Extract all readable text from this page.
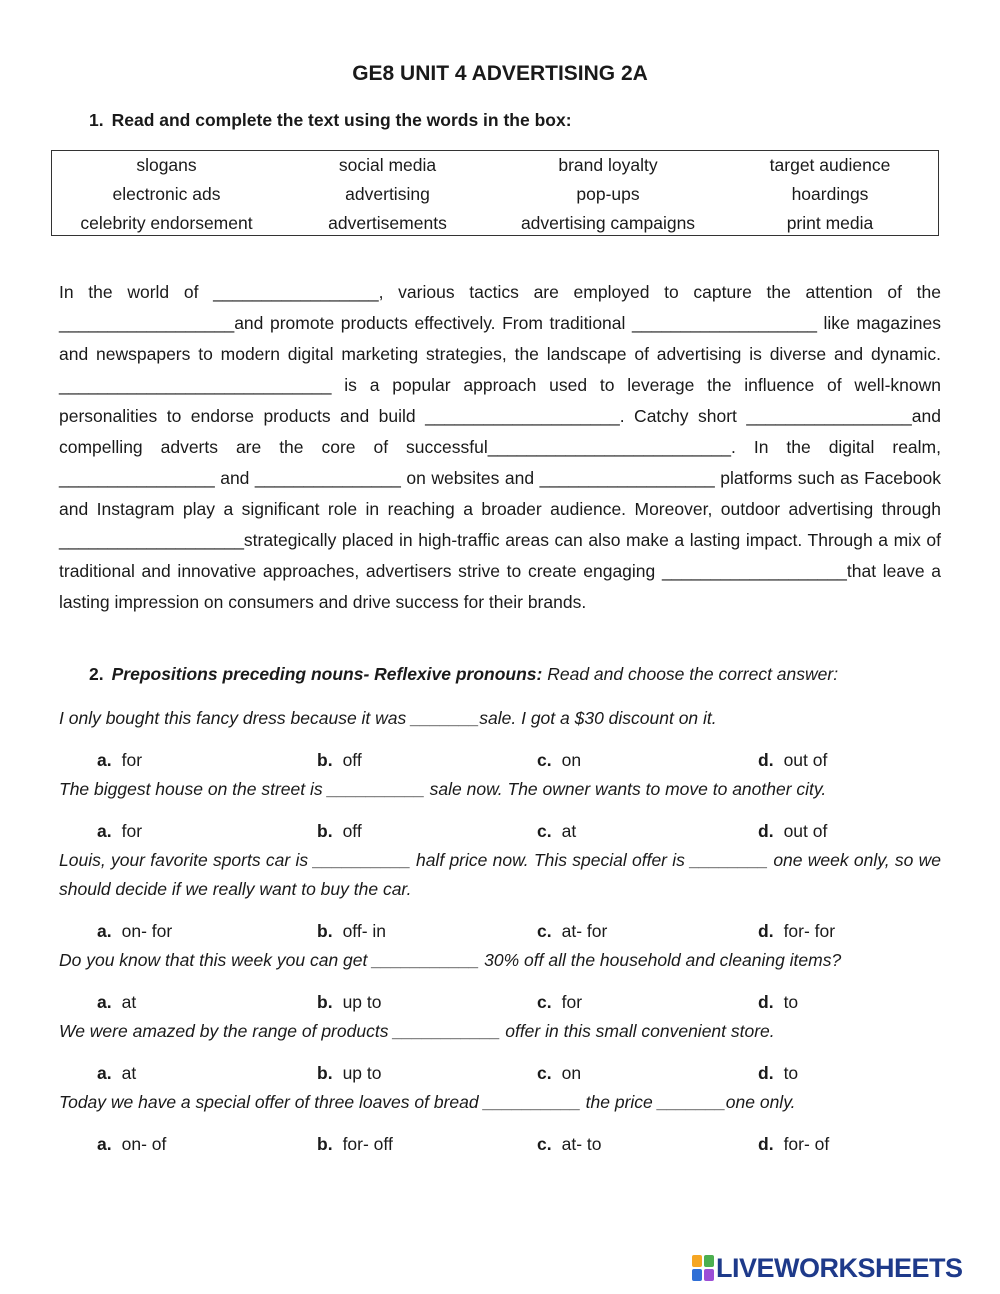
GE8 UNIT 4 ADVERTISING 2A

1. Read and complete the text using the words in the box:

slogans	social media	brand loyalty	target audience
electronic ads	advertising	pop-ups	hoardings
celebrity endorsement	advertisements	advertising campaigns	print media

In the world of _________________, various tactics are employed to capture the attention of the __________________and promote products effectively. From traditional ___________________ like magazines and newspapers to modern digital marketing strategies, the landscape of advertising is diverse and dynamic. ____________________________ is a popular approach used to leverage the influence of well-known personalities to endorse products and build ____________________. Catchy short _________________and compelling adverts are the core of successful_________________________. In the digital realm, ________________ and _______________ on websites and __________________ platforms such as Facebook and Instagram play a significant role in reaching a broader audience. Moreover, outdoor advertising through ___________________strategically placed in high-traffic areas can also make a lasting impact. Through a mix of traditional and innovative approaches, advertisers strive to create engaging ___________________that leave a lasting impression on consumers and drive success for their brands.

2. Prepositions preceding nouns- Reflexive pronouns: Read and choose the correct answer:

I only bought this fancy dress because it was _______sale. I got a $30 discount on it.

a. for	b. off	c. on	d. out of

The biggest house on the street is __________ sale now. The owner wants to move to another city.

a. for	b. off	c. at	d. out of

Louis, your favorite sports car is __________ half price now. This special offer is ________ one week only, so we should decide if we really want to buy the car.

a. on- for	b. off- in	c. at- for	d. for- for

Do you know that this week you can get ___________ 30% off all the household and cleaning items?

a. at	b. up to	c. for	d. to

We were amazed by the range of products ___________ offer in this small convenient store.

a. at	b. up to	c. on	d. to

Today we have a special offer of three loaves of bread __________ the price _______one only.

a. on- of	b. for- off	c. at- to	d. for- of
LIVEWORKSHEETS
